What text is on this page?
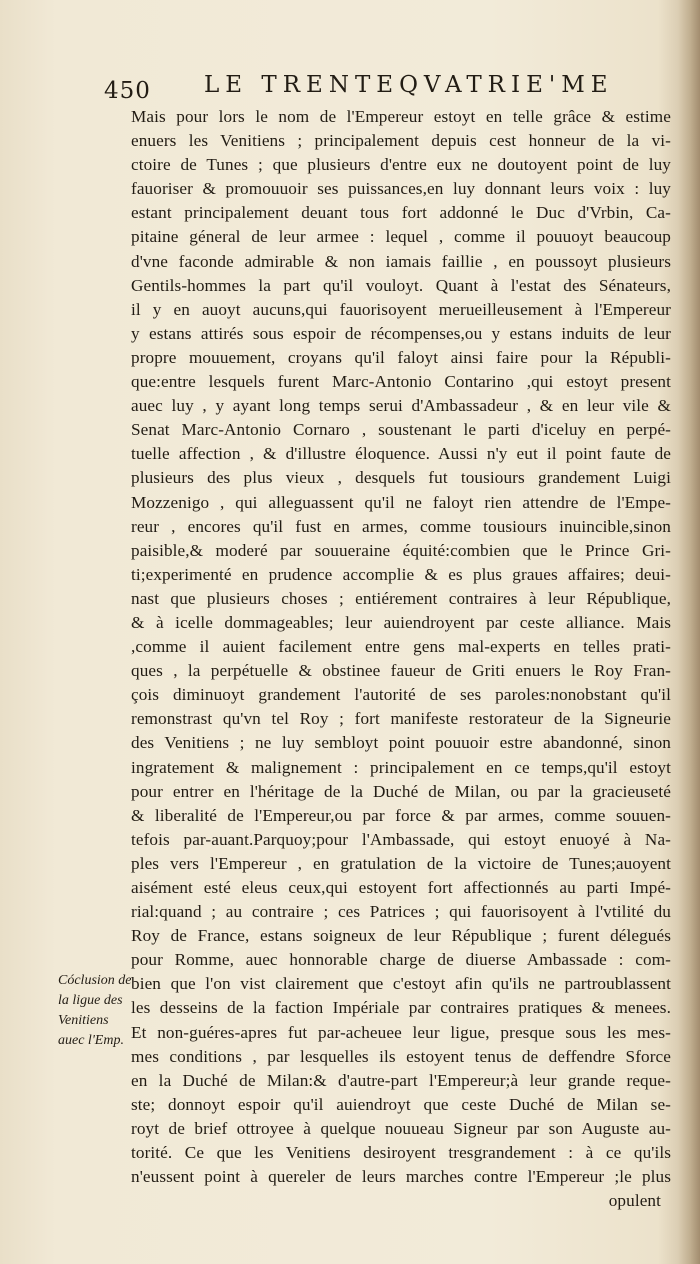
450 LE TRENTEQVATRIE'ME
Mais pour lors le nom de l'Empereur estoyt en telle grâce & estime
enuers les Venitiens ; principalement depuis cest honneur de la vi-
ctoire de Tunes ; que plusieurs d'entre eux ne doutoyent point de luy
fauoriser & promouuoir ses puissances,en luy donnant leurs voix : luy
estant principalement deuant tous fort addonné le Duc d'Vrbin, Ca-
pitaine géneral de leur armee : lequel , comme il pouuoyt beaucoup
d'vne faconde admirable & non iamais faillie , en poussoyt plusieurs
Gentils-hommes la part qu'il vouloyt. Quant à l'estat des Sénateurs,
il y en auoyt aucuns,qui fauorisoyent merueilleusement à l'Empereur
y estans attirés sous espoir de récompenses,ou y estans induits de leur
propre mouuement, croyans qu'il faloyt ainsi faire pour la Républi-
que:entre lesquels furent Marc-Antonio Contarino ,qui estoyt present
auec luy , y ayant long temps serui d'Ambassadeur , & en leur vile &
Senat Marc-Antonio Cornaro , soustenant le parti d'iceluy en perpé-
tuelle affection , & d'illustre éloquence. Aussi n'y eut il point faute de
plusieurs des plus vieux , desquels fut tousiours grandement Luigi
Mozzenigo , qui alleguassent qu'il ne faloyt rien attendre de l'Empe-
reur , encores qu'il fust en armes, comme tousiours inuincible,sinon
paisible,& moderé par souueraine équité:combien que le Prince Gri-
ti;experimenté en prudence accomplie & es plus graues affaires; deui-
nast que plusieurs choses ; entiérement contraires à leur République,
& à icelle dommageables; leur auiendroyent par ceste alliance. Mais
,comme il auient facilement entre gens mal-experts en telles prati-
ques , la perpétuelle & obstinee faueur de Griti enuers le Roy Fran-
çois diminuoyt grandement l'autorité de ses paroles:nonobstant qu'il
remonstrast qu'vn tel Roy ; fort manifeste restorateur de la Signeurie
des Venitiens ; ne luy sembloyt point pouuoir estre abandonné, sinon
ingratement & malignement : principalement en ce temps,qu'il estoyt
pour entrer en l'héritage de la Duché de Milan, ou par la gracieuseté
& liberalité de l'Empereur,ou par force & par armes, comme souuen-
tefois par-auant.Parquoy;pour l'Ambassade, qui estoyt enuoyé à Na-
ples vers l'Empereur , en gratulation de la victoire de Tunes;auoyent
aisément esté eleus ceux,qui estoyent fort affectionnés au parti Impé-
rial:quand ; au contraire ; ces Patrices ; qui fauorisoyent à l'vtilité du
Roy de France, estans soigneux de leur République ; furent délegués
pour Romme, auec honnorable charge de diuerse Ambassade : com-
bien que l'on vist clairement que c'estoyt afin qu'ils ne partroublassent
les desseins de la faction Impériale par contraires pratiques & menees.
Et non-guéres-apres fut par-acheuee leur ligue, presque sous les mes-
mes conditions , par lesquelles ils estoyent tenus de deffendre Sforce
en la Duché de Milan:& d'autre-part l'Empereur;à leur grande reque-
ste; donnoyt espoir qu'il auiendroyt que ceste Duché de Milan se-
royt de brief ottroyee à quelque nouueau Signeur par son Auguste au-
torité. Ce que les Venitiens desiroyent tresgrandement : à ce qu'ils
n'eussent point à quereler de leurs marches contre l'Empereur ;le plus
opulent
Cóclusion de
la ligue des
Venitiens
auec l'Emp.
